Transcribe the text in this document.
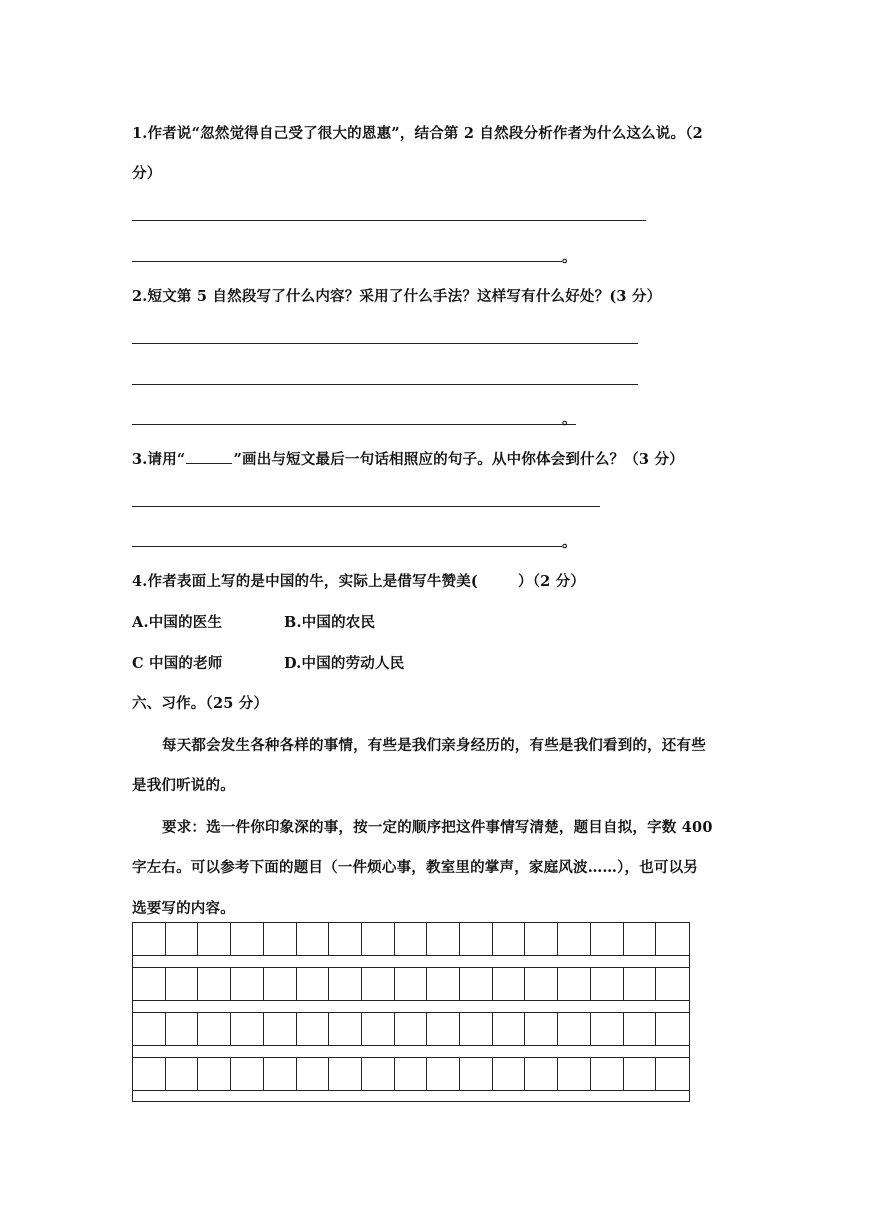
1.作者说“忽然觉得自己受了很大的恩惠”，结合第 2 自然段分析作者为什么这么说。（2
分）
。
2.短文第 5 自然段写了什么内容？采用了什么手法？这样写有什么好处？(3 分）
。
3.请用“	”画出与短文最后一句话相照应的句子。从中你体会到什么？（3 分）
。
4.作者表面上写的是中国的牛，实际上是借写牛赞美(	）（2 分）
A.中国的医生	B.中国的农民
C 中国的老师	D.中国的劳动人民
六、习作。（25 分）
每天都会发生各种各样的事情，有些是我们亲身经历的，有些是我们看到的，还有些
是我们听说的。
要求：选一件你印象深的事，按一定的顺序把这件事情写清楚，题目自拟，字数 400
字左右。可以参考下面的题目（一件烦心事，教室里的掌声，家庭风波……），也可以另
选要写的内容。
